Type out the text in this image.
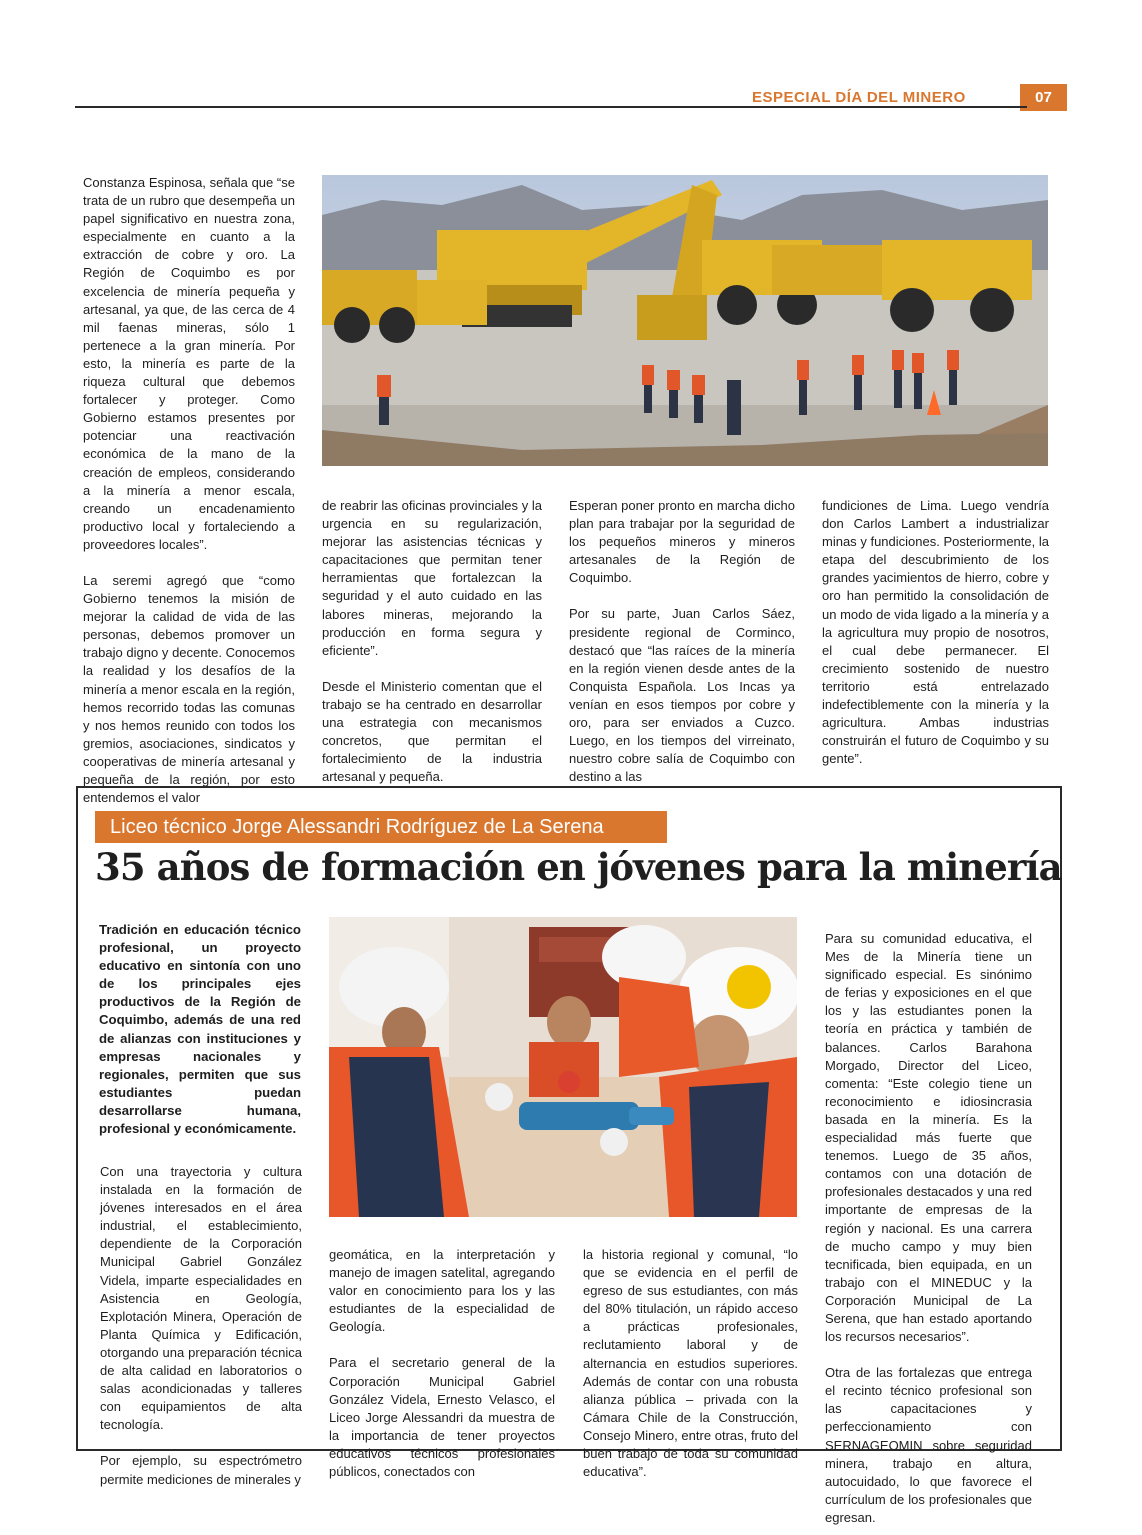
ESPECIAL DÍA DEL MINERO	07

Constanza Espinosa, señala que “se trata de un rubro que desempeña un papel significativo en nuestra zona, especialmente en cuanto a la extracción de cobre y oro. La Región de Coquimbo es por excelencia de minería pequeña y artesanal, ya que, de las cerca de 4 mil faenas mineras, sólo 1 pertenece a la gran minería. Por esto, la minería es parte de la riqueza cultural que debemos fortalecer y proteger. Como Gobierno estamos presentes por potenciar una reactivación económica de la mano de la creación de empleos, considerando a la minería a menor escala, creando un encadenamiento productivo local y fortaleciendo a proveedores locales”.

La seremi agregó que “como Gobierno tenemos la misión de mejorar la calidad de vida de las personas, debemos promover un trabajo digno y decente. Conocemos la realidad y los desafíos de la minería a menor escala en la región, hemos recorrido todas las comunas y nos hemos reunido con todos los gremios, asociaciones, sindicatos y cooperativas de minería artesanal y pequeña de la región, por esto entendemos el valor

de reabrir las oficinas provinciales y la urgencia en su regularización, mejorar las asistencias técnicas y capacitaciones que permitan tener herramientas que fortalezcan la seguridad y el auto cuidado en las labores mineras, mejorando la producción en forma segura y eficiente”.

Desde el Ministerio comentan que el trabajo se ha centrado en desarrollar una estrategia con mecanismos concretos, que permitan el fortalecimiento de la industria artesanal y pequeña.

Esperan poner pronto en marcha dicho plan para trabajar por la seguridad de los pequeños mineros y mineros artesanales de la Región de Coquimbo.

Por su parte, Juan Carlos Sáez, presidente regional de Corminco, destacó que “las raíces de la minería en la región vienen desde antes de la Conquista Española. Los Incas ya venían en esos tiempos por cobre y oro, para ser enviados a Cuzco. Luego, en los tiempos del virreinato, nuestro cobre salía de Coquimbo con destino a las

fundiciones de Lima. Luego vendría don Carlos Lambert a industrializar minas y fundiciones. Posteriormente, la etapa del descubrimiento de los grandes yacimientos de hierro, cobre y oro han permitido la consolidación de un modo de vida ligado a la minería y a la agricultura muy propio de nosotros, el cual debe permanecer. El crecimiento sostenido de nuestro territorio está entrelazado indefectiblemente con la minería y la agricultura. Ambas industrias construirán el futuro de Coquimbo y su gente”.

Liceo técnico Jorge Alessandri Rodríguez de La Serena
35 años de formación en jóvenes para la minería
Tradición en educación técnico profesional, un proyecto educativo en sintonía con uno de los principales ejes productivos de la Región de Coquimbo, además de una red de alianzas con instituciones y empresas nacionales y regionales, permiten que sus estudiantes puedan desarrollarse humana, profesional y económicamente.

Con una trayectoria y cultura instalada en la formación de jóvenes interesados en el área industrial, el establecimiento, dependiente de la Corporación Municipal Gabriel González Videla, imparte especialidades en Asistencia en Geología, Explotación Minera, Operación de Planta Química y Edificación, otorgando una preparación técnica de alta calidad en laboratorios o salas acondicionadas y talleres con equipamientos de alta tecnología.

Por ejemplo, su espectrómetro permite mediciones de minerales y

geomática, en la interpretación y manejo de imagen satelital, agregando valor en conocimiento para los y las estudiantes de la especialidad de Geología.

Para el secretario general de la Corporación Municipal Gabriel González Videla, Ernesto Velasco, el Liceo Jorge Alessandri da muestra de la importancia de tener proyectos educativos técnicos profesionales públicos, conectados con

la historia regional y comunal, “lo que se evidencia en el perfil de egreso de sus estudiantes, con más del 80% titulación, un rápido acceso a prácticas profesionales, reclutamiento laboral y de alternancia en estudios superiores. Además de contar con una robusta alianza pública – privada con la Cámara Chile de la Construcción, Consejo Minero, entre otras, fruto del buen trabajo de toda su comunidad educativa”.

Para su comunidad educativa, el Mes de la Minería tiene un significado especial. Es sinónimo de ferias y exposiciones en el que los y las estudiantes ponen la teoría en práctica y también de balances. Carlos Barahona Morgado, Director del Liceo, comenta: “Este colegio tiene un reconocimiento e idiosincrasia basada en la minería. Es la especialidad más fuerte que tenemos. Luego de 35 años, contamos con una dotación de profesionales destacados y una red importante de empresas de la región y nacional. Es una carrera de mucho campo y muy bien tecnificada, bien equipada, en un trabajo con el MINEDUC y la Corporación Municipal de La Serena, que han estado aportando los recursos necesarios”.

Otra de las fortalezas que entrega el recinto técnico profesional son las capacitaciones y perfeccionamiento con SERNAGEOMIN sobre seguridad minera, trabajo en altura, autocuidado, lo que favorece el currículum de los profesionales que egresan.
